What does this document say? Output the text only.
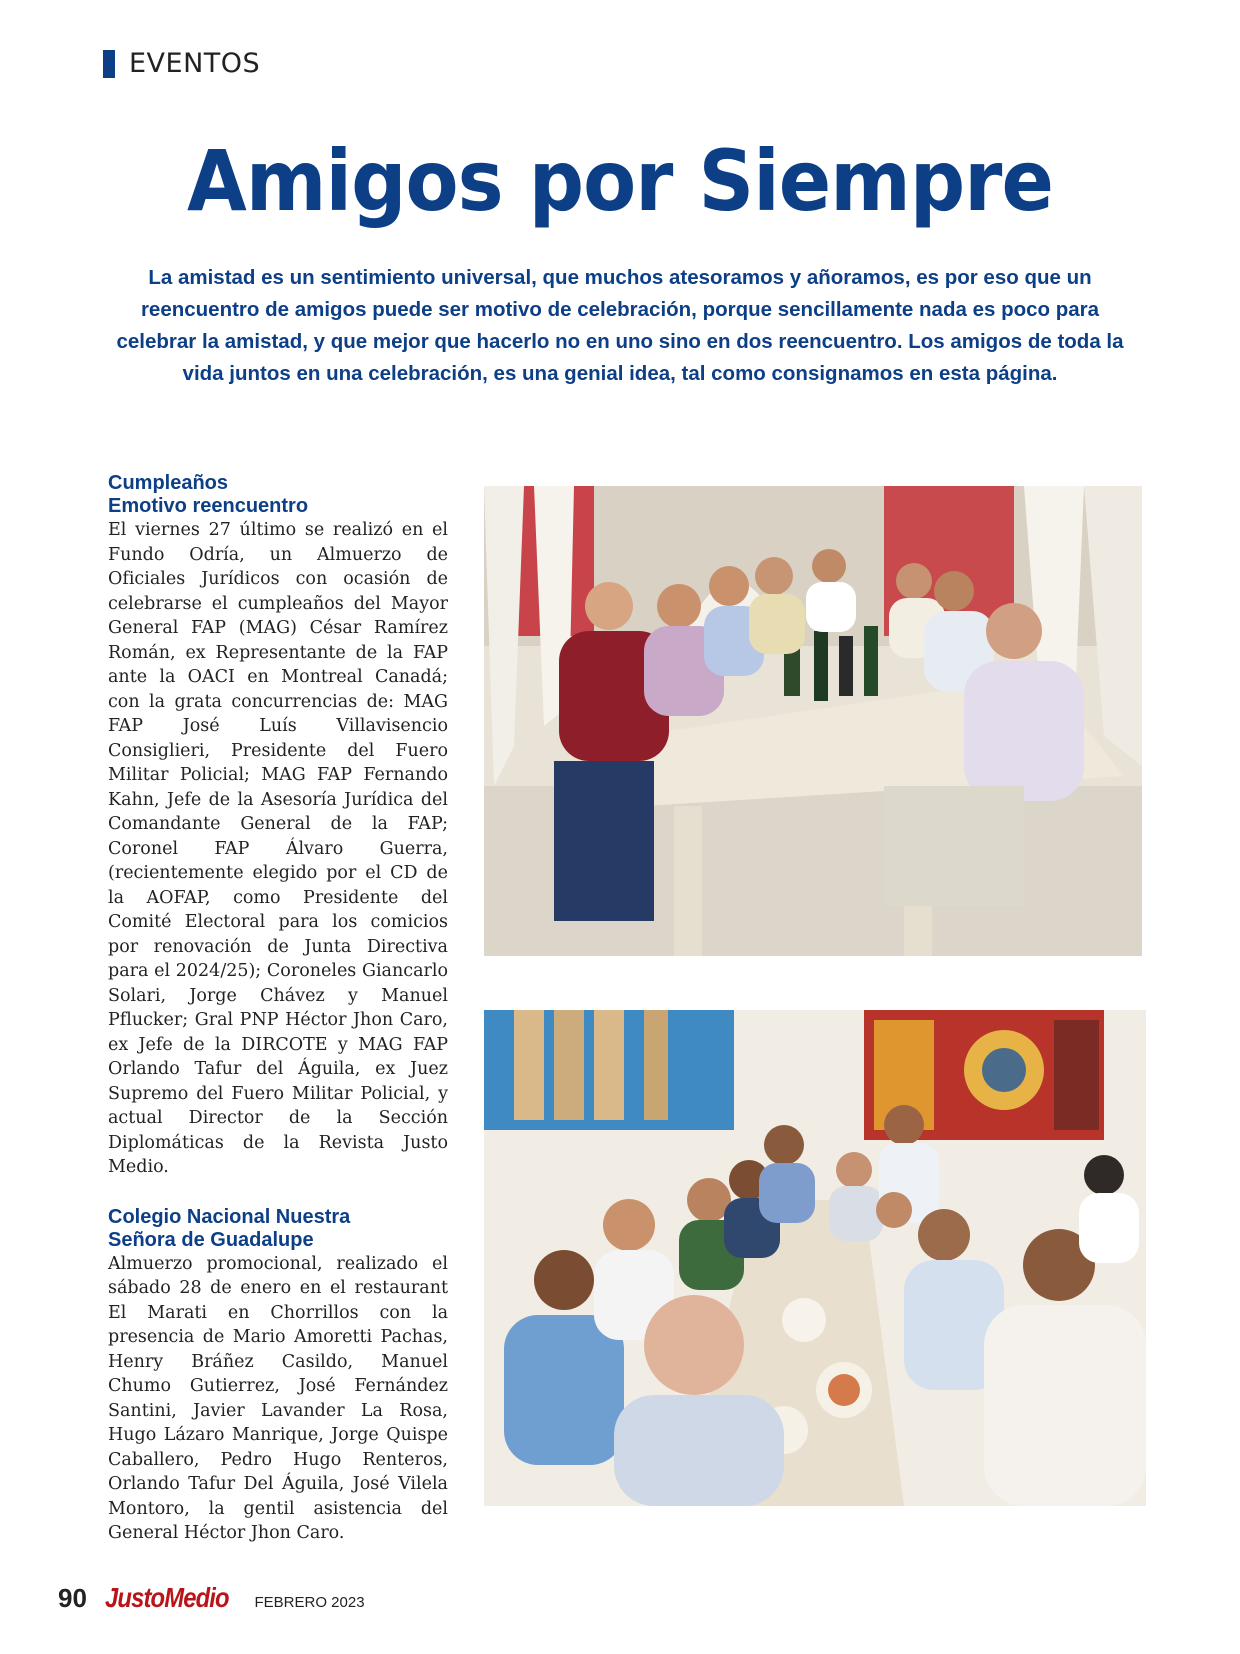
EVENTOS
Amigos por Siempre

La amistad es un sentimiento universal, que muchos atesoramos y añoramos, es por eso que un reencuentro de amigos puede ser motivo de celebración, porque sencillamente nada es poco para celebrar la amistad, y que mejor que hacerlo no en uno sino en dos reencuentro. Los amigos de toda la vida juntos en una celebración, es una genial idea, tal como consignamos en esta página.

Cumpleaños

Emotivo reencuentro

El viernes 27 último se realizó en el Fundo Odría, un Almuerzo de Oficiales Jurídicos con ocasión de celebrarse el cumpleaños del Mayor General FAP (MAG) César Ramírez Román, ex Representante de la FAP ante la OACI en Montreal Canadá; con la grata concurrencias de: MAG FAP José Luís Villavisencio Consiglieri, Presidente del Fuero Militar Policial; MAG FAP Fernando Kahn, Jefe de la Asesoría Jurídica del Comandante General de la FAP; Coronel FAP Álvaro Guerra, (recientemente elegido por el CD de la AOFAP, como Presidente del Comité Electoral para los comicios por renovación de Junta Directiva para el 2024/25); Coroneles Giancarlo Solari, Jorge Chávez y Manuel Pflucker; Gral PNP Héctor Jhon Caro, ex Jefe de la DIRCOTE y MAG FAP Orlando Tafur del Águila, ex Juez Supremo del Fuero Militar Policial, y actual Director de la Sección Diplomáticas de la Revista Justo Medio.

Colegio Nacional Nuestra

Señora de Guadalupe

Almuerzo promocional, realizado el sábado 28 de enero en el restaurant El Marati en Chorrillos con la presencia de Mario Amoretti Pachas, Henry Bráñez Casildo, Manuel Chumo Gutierrez, José Fernández Santini, Javier Lavander La Rosa, Hugo Lázaro Manrique, Jorge Quispe Caballero, Pedro Hugo Renteros, Orlando Tafur Del Águila, José Vilela Montoro, la gentil asistencia del General Héctor Jhon Caro.

90 JustoMedio FEBRERO 2023
